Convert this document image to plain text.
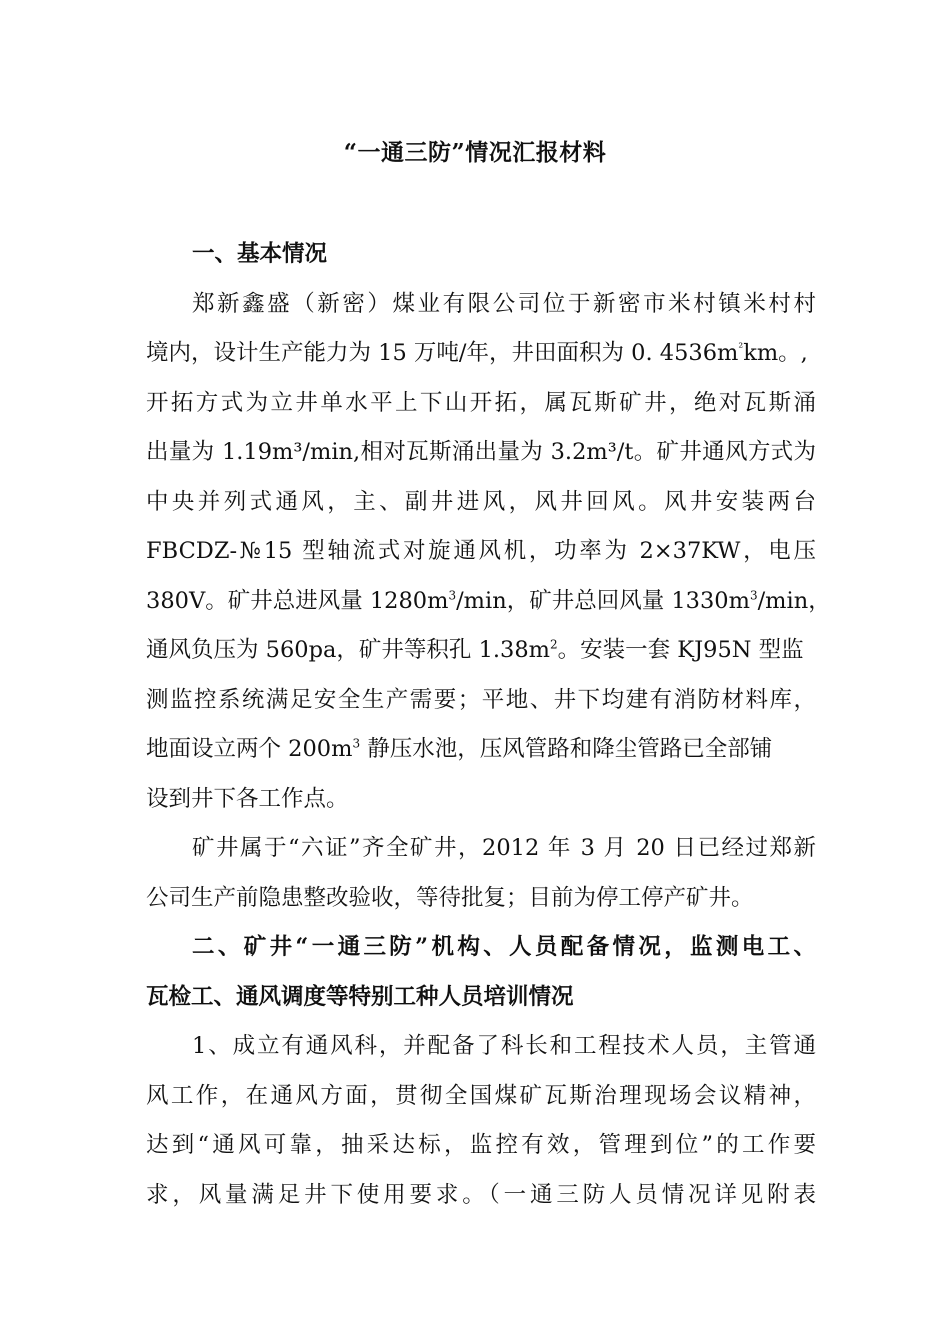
“一通三防”情况汇报材料
一、基本情况
郑新鑫盛（新密）煤业有限公司位于新密市米村镇米村村
境内，设计生产能力为 15 万吨/年，井田面积为 0. $4536m^{^2}km$。,
开拓方式为立井单水平上下山开拓，属瓦斯矿井，绝对瓦斯涌
出量为 1.19m³/min,相对瓦斯涌出量为 3.2m³/t。矿井通风方式为
中央并列式通风，主、副井进风，风井回风。风井安装两台
FBCDZ-№15 型轴流式对旋通风机，功率为 2×37KW，电压
380V。矿井总进风量 $1280m^3/\min$，矿井总回风量 $1330m^3/\min$，
通风负压为 560pa，矿井等积孔 $1.38m^2$。安装一套 KJ95N 型监
测监控系统满足安全生产需要；平地、井下均建有消防材料库，
地面设立两个 $200m^3$ 静压水池，压风管路和降尘管路已全部铺
设到井下各工作点。
矿井属于“六证”齐全矿井，2012 年 3 月 20 日已经过郑新
公司生产前隐患整改验收，等待批复；目前为停工停产矿井。
二、矿井“一通三防”机构、人员配备情况，监测电工、
瓦检工、通风调度等特别工种人员培训情况
1、成立有通风科，并配备了科长和工程技术人员，主管通
风工作，在通风方面，贯彻全国煤矿瓦斯治理现场会议精神，
达到“通风可靠，抽采达标，监控有效，管理到位”的工作要
求，风量满足井下使用要求。（一通三防人员情况详见附表
